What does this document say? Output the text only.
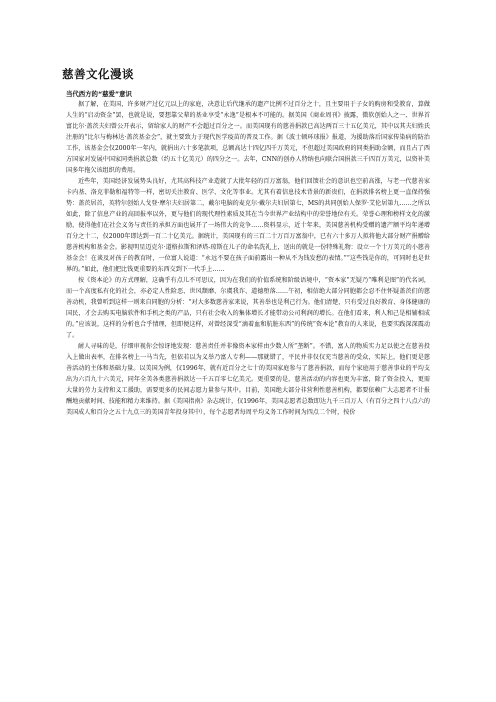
慈善文化漫谈
当代西方的“慈爱”意识

据了解，在美国，许多财产过亿元以上的家庭，决意让后代继承的遗产比例不过百分之十，且主要用于子女的购房和受教育，算做人生的“启动资金”罢，也就是说，要想靠父辈的基业享受“永逸”是根本不可能的。据美国《商业周刊》披露，微软创始人之一、世界首富比尔·盖茨夫妇曾公开表示，留给家人的财产不会超过百分之一。而美国现有的慈善捐款已高达两百三十五亿美元，其中以其夫妇姓氏注册的“比尔与梅林达·盖茨基金会”，就主要致力于现代医学疫苗的普及工作。据《波士顿环球报》报道，为援助落后国家传染病的防治工作，该基金会仅2000年一年内，就捐出六十多笔款项，总额高达十四亿四千万美元，不但超过美国政府的同类捐助金额，而且占了西方国家对发展中国家同类捐款总数（约五十亿美元）的四分之一。去年，CNN的创办人特纳也向联合国捐款三千四百万美元，以资补美国多年拖欠该组织的费用。

近些年，美国经济发展势头良好，尤其高科技产业造就了大批年轻的百万富翁，他们回馈社会的意识也空前高涨，与老一代慈善家卡内基、洛克菲勒和福特等一样，密切关注教育、医学、文化等事业。尤其有着信息技术背景的新贵们，在捐款排名榜上更一直保持强势：盖茨居首，英特尔创始人戈登·摩尔夫妇居第二，戴尔电脑的麦克尔·戴尔夫妇居第七，MS的共同创始人保罗·艾伦居第九……之所以如此，除了信息产业的高回报率以外，更与他们的现代理性素质及其在当今世界产业结构中的荣誉地位有关。荣誉心理和榜样文化的激励，使得他们在社会义务与责任的承担方面也展开了一场伟大的竞争……资料显示，近十年来，美国慈善机构受赠的遗产额平均年递增百分之十二，仅2000年即达到一百二十亿美元。据统计，美国现有的三百二十万百万富翁中，已有六十多万人拟将他大部分财产捐赠给慈善机构和基金会。影视明星迈克尔·道格拉斯和泽塔-琼斯在儿子的命名洗礼上，送出的就是一份特殊礼物：设立一个十万美元的小慈善基金会！在谈及对孩子的教育时，一位富人说道：“永远不要在孩子面前露出一种从不为钱发愁的表情。”“这些钱是你的，可同时也是世界的。”如此，他们把比钱更重要的东西交到下一代手上……

按《资本论》的方式理解，这确乎有点儿不可思议，因为在我们的价值系统和阶级语境中，“资本家”无疑乃“唯利是图”的代名词，而一个高度私有化的社会，亦必定人性险恶、世风颓靡、尔虞我诈、道德堕落……午初，相信绝大部分同胞都会忍不住怀疑盖茨们的慈善动机，我曾听到这样一则来自同胞的分析：“对大多数慈善家来说，其善举也是利己行为。他们清楚，只有受过良好教育、身体健康的国民，才会去购买电脑软件和手机之类的产品，只有社会收入的集体增长才能带动公司利润的增长。在他们看来，利人和己是相辅相成的。”应该说，这样的分析也合乎情理，但即便这样，对曾经深受“滴着血和肮脏东西”的传统“资本论”教育的人来说，也要实践深深震动了。

耐人寻味的是，仔细审视你会惊讶地发现：慈善责任并非像资本家样由少数人所“垄断”。不错，富人的物质实力足以使之在慈善投入上做出表率，在排名榜上一马当先，但依若以为义举乃富人专利——那就错了，平民并非仅仅充当慈善的受众，实际上，他们更是慈善活动的主体和基础力量。以美国为例，仅1996年，就有近百分之七十的美国家庭参与了慈善捐款，而每个家庭用于慈善事业的平均支出为六百九十六美元，同年全美各类慈善捐款达一千五百零七亿美元。更重要的是，慈善活动的内容也更为丰富，除了资金投入，更需大量的劳力支持和义工援助，需要更多的民间志愿力量参与其中。目前，美国绝大部分非营利性慈善机构，都要依赖广大志愿者不计报酬地贡献时间、技能和精力来维持。据《美国指南》杂志统计，仅1996年，美国志愿者总数即达九千三百万人（有百分之四十八点六的美国成人和百分之五十九点三的美国青年投身其中），每个志愿者每周平均义务工作时间为四点二个时，按价
